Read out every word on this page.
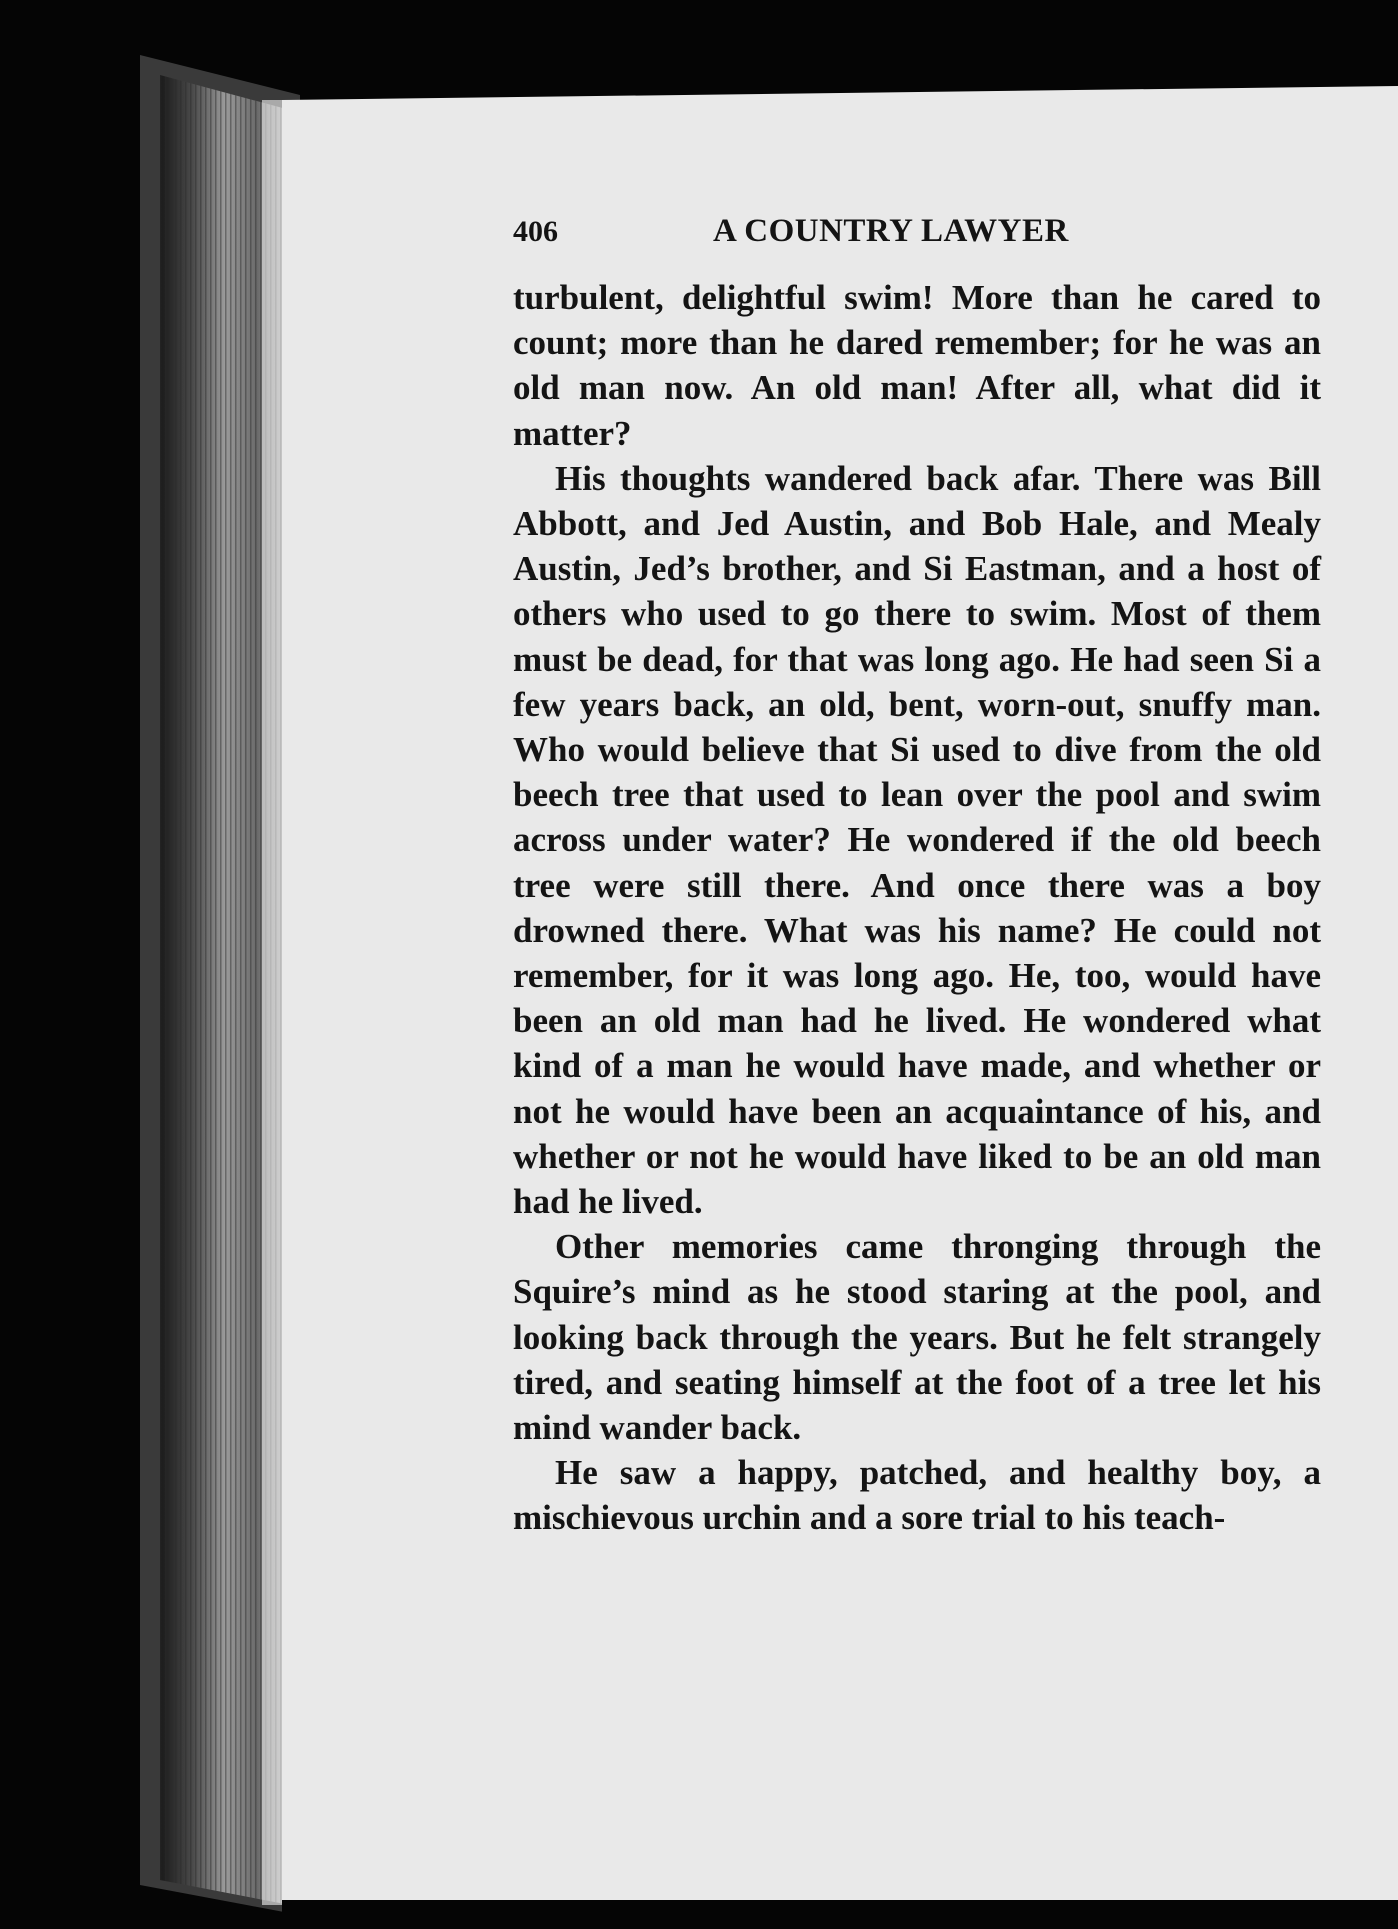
406	A COUNTRY LAWYER

turbulent, delightful swim! More than he cared to count; more than he dared remember; for he was an old man now. An old man! After all, what did it matter?

His thoughts wandered back afar. There was Bill Abbott, and Jed Austin, and Bob Hale, and Mealy Austin, Jed’s brother, and Si Eastman, and a host of others who used to go there to swim. Most of them must be dead, for that was long ago. He had seen Si a few years back, an old, bent, worn-out, snuffy man. Who would believe that Si used to dive from the old beech tree that used to lean over the pool and swim across under water? He wondered if the old beech tree were still there. And once there was a boy drowned there. What was his name? He could not remember, for it was long ago. He, too, would have been an old man had he lived. He wondered what kind of a man he would have made, and whether or not he would have been an acquaintance of his, and whether or not he would have liked to be an old man had he lived.

Other memories came thronging through the Squire’s mind as he stood staring at the pool, and looking back through the years. But he felt strangely tired, and seating himself at the foot of a tree let his mind wander back.

He saw a happy, patched, and healthy boy, a mischievous urchin and a sore trial to his teach-
